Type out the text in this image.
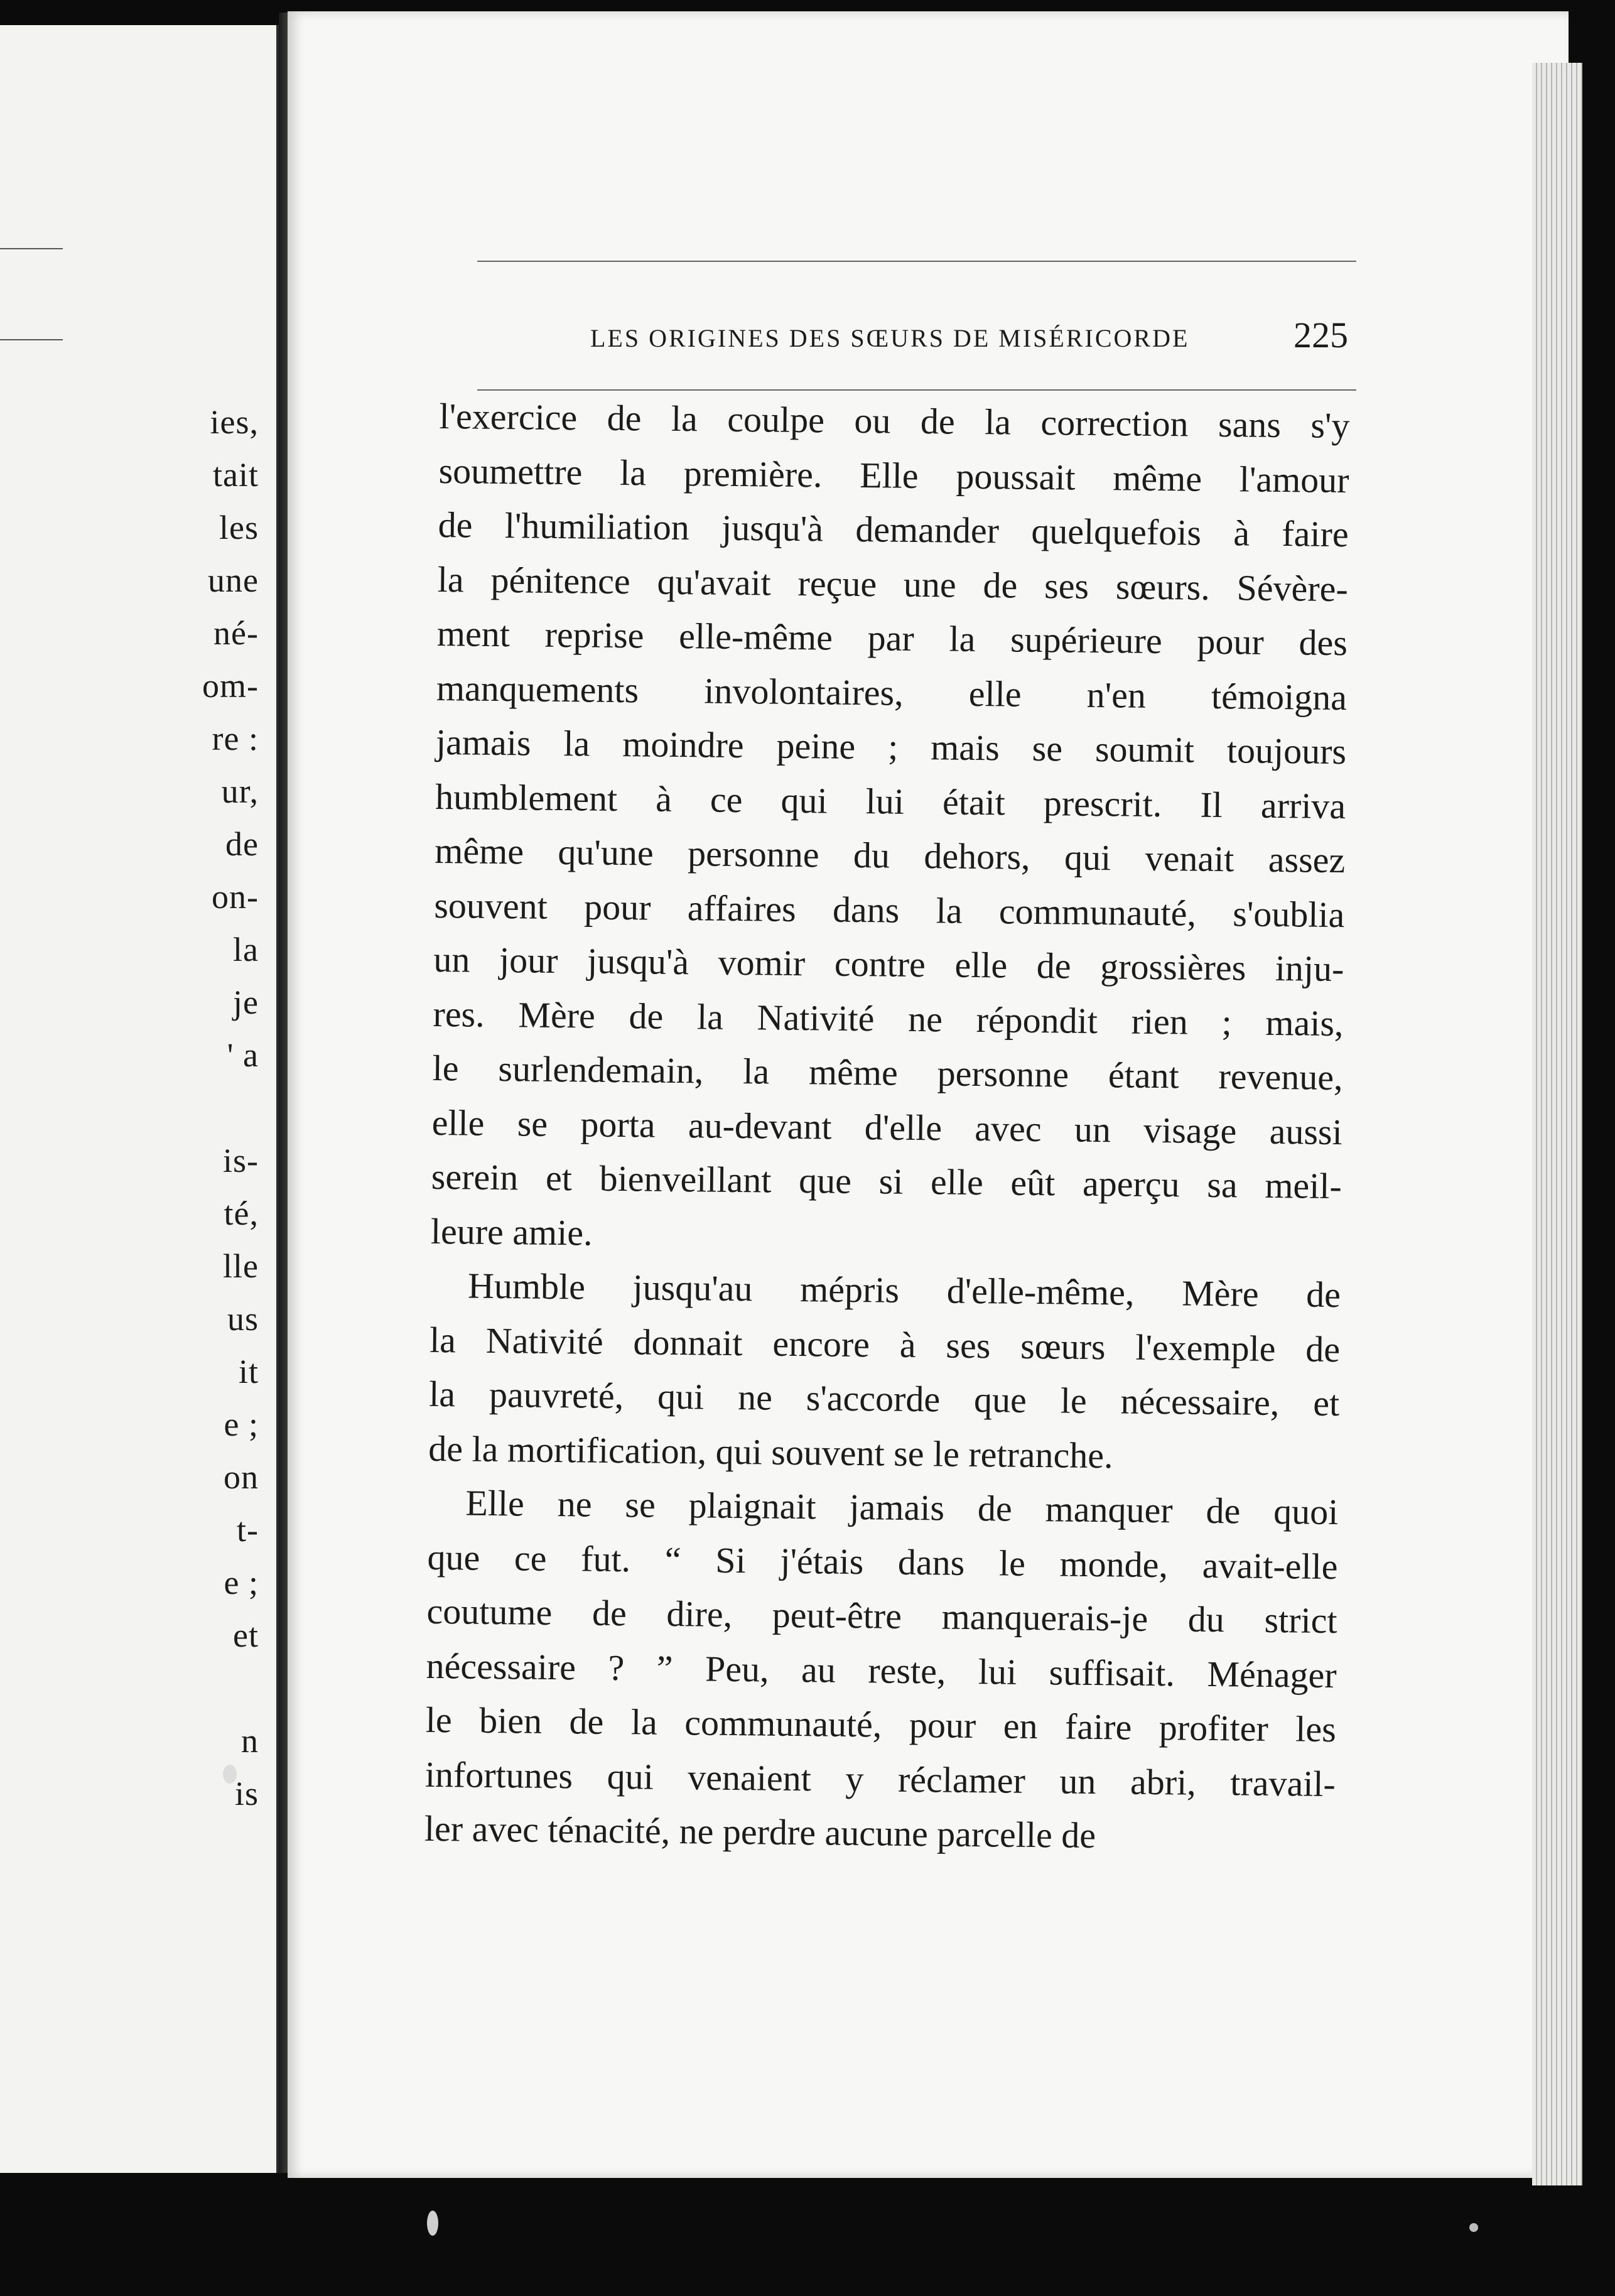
ies,
tait
les
une
né-
om-
re :
ur,
de
on-
la
je
' a
is-
té,
lle
us
it
e ;
on
t-
e ;
et
n
is
LES ORIGINES DES SŒURS DE MISÉRICORDE	225
l'exercice de la coulpe ou de la correction sans s'y
soumettre la première. Elle poussait même l'amour
de l'humiliation jusqu'à demander quelquefois à faire
la pénitence qu'avait reçue une de ses sœurs. Sévère-
ment reprise elle-même par la supérieure pour des
manquements involontaires, elle n'en témoigna
jamais la moindre peine ; mais se soumit toujours
humblement à ce qui lui était prescrit. Il arriva
même qu'une personne du dehors, qui venait assez
souvent pour affaires dans la communauté, s'oublia
un jour jusqu'à vomir contre elle de grossières inju-
res. Mère de la Nativité ne répondit rien ; mais,
le surlendemain, la même personne étant revenue,
elle se porta au-devant d'elle avec un visage aussi
serein et bienveillant que si elle eût aperçu sa meil-
leure amie.
Humble jusqu'au mépris d'elle-même, Mère de
la Nativité donnait encore à ses sœurs l'exemple de
la pauvreté, qui ne s'accorde que le nécessaire, et
de la mortification, qui souvent se le retranche.
Elle ne se plaignait jamais de manquer de quoi
que ce fut. “ Si j'étais dans le monde, avait-elle
coutume de dire, peut-être manquerais-je du strict
nécessaire ? ” Peu, au reste, lui suffisait. Ménager
le bien de la communauté, pour en faire profiter les
infortunes qui venaient y réclamer un abri, travail-
ler avec ténacité, ne perdre aucune parcelle de
